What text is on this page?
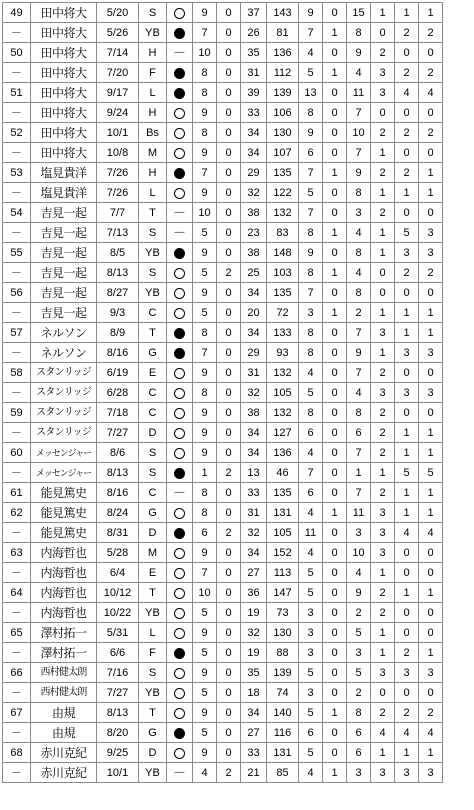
49	田中将大	5/20	S		9	0	37	143	9	0	15	1	1	1
－	田中将大	5/26	YB		7	0	26	81	7	1	8	0	2	2
50	田中将大	7/14	H	－	10	0	35	136	4	0	9	2	0	0
－	田中将大	7/20	F		8	0	31	112	5	1	4	3	2	2
51	田中将大	9/17	L		8	0	39	139	13	0	11	3	4	4
－	田中将大	9/24	H		9	0	33	106	8	0	7	0	0	0
52	田中将大	10/1	Bs		8	0	34	130	9	0	10	2	2	2
－	田中将大	10/8	M		9	0	34	107	6	0	7	1	0	0
53	塩見貴洋	7/26	H		7	0	29	135	7	1	9	2	2	1
－	塩見貴洋	7/26	L		9	0	32	122	5	0	8	1	1	1
54	吉見一起	7/7	T	－	10	0	38	132	7	0	3	2	0	0
－	吉見一起	7/13	S	－	5	0	23	83	8	1	4	1	5	3
55	吉見一起	8/5	YB		9	0	38	148	9	0	8	1	3	3
－	吉見一起	8/13	S		5	2	25	103	8	1	4	0	2	2
56	吉見一起	8/27	YB		9	0	34	135	7	0	8	0	0	0
－	吉見一起	9/3	C		5	0	20	72	3	1	2	1	1	1
57	ネルソン	8/9	T		8	0	34	133	8	0	7	3	1	1
－	ネルソン	8/16	G		7	0	29	93	8	0	9	1	3	3
58	スタンリッジ	6/19	E		9	0	31	132	4	0	7	2	0	0
－	スタンリッジ	6/28	C		8	0	32	105	5	0	4	3	3	3
59	スタンリッジ	7/18	C		9	0	38	132	8	0	8	2	0	0
－	スタンリッジ	7/27	D		9	0	34	127	6	0	6	2	1	1
60	メッセンジャー	8/6	S		9	0	34	136	4	0	7	2	1	1
－	メッセンジャー	8/13	S		1	2	13	46	7	0	1	1	5	5
61	能見篤史	8/16	C	－	8	0	33	135	6	0	7	2	1	1
62	能見篤史	8/24	G		8	0	31	131	4	1	11	3	1	1
－	能見篤史	8/31	D		6	2	32	105	11	0	3	3	4	4
63	内海哲也	5/28	M		9	0	34	152	4	0	10	3	0	0
－	内海哲也	6/4	E		7	0	27	113	5	0	4	1	0	0
64	内海哲也	10/12	T		10	0	36	147	5	0	9	2	1	1
－	内海哲也	10/22	YB		5	0	19	73	3	0	2	2	0	0
65	澤村拓一	5/31	L		9	0	32	130	3	0	5	1	0	0
－	澤村拓一	6/6	F		5	0	19	88	3	0	3	1	2	1
66	西村健太朗	7/16	S		9	0	35	139	5	0	5	3	3	3
－	西村健太朗	7/27	YB		5	0	18	74	3	0	2	0	0	0
67	由規	8/13	T		9	0	34	140	5	1	8	2	2	2
－	由規	8/20	G		5	0	27	116	6	0	6	4	4	4
68	赤川克紀	9/25	D		9	0	33	131	5	0	6	1	1	1
－	赤川克紀	10/1	YB	－	4	2	21	85	4	1	3	3	3	3
